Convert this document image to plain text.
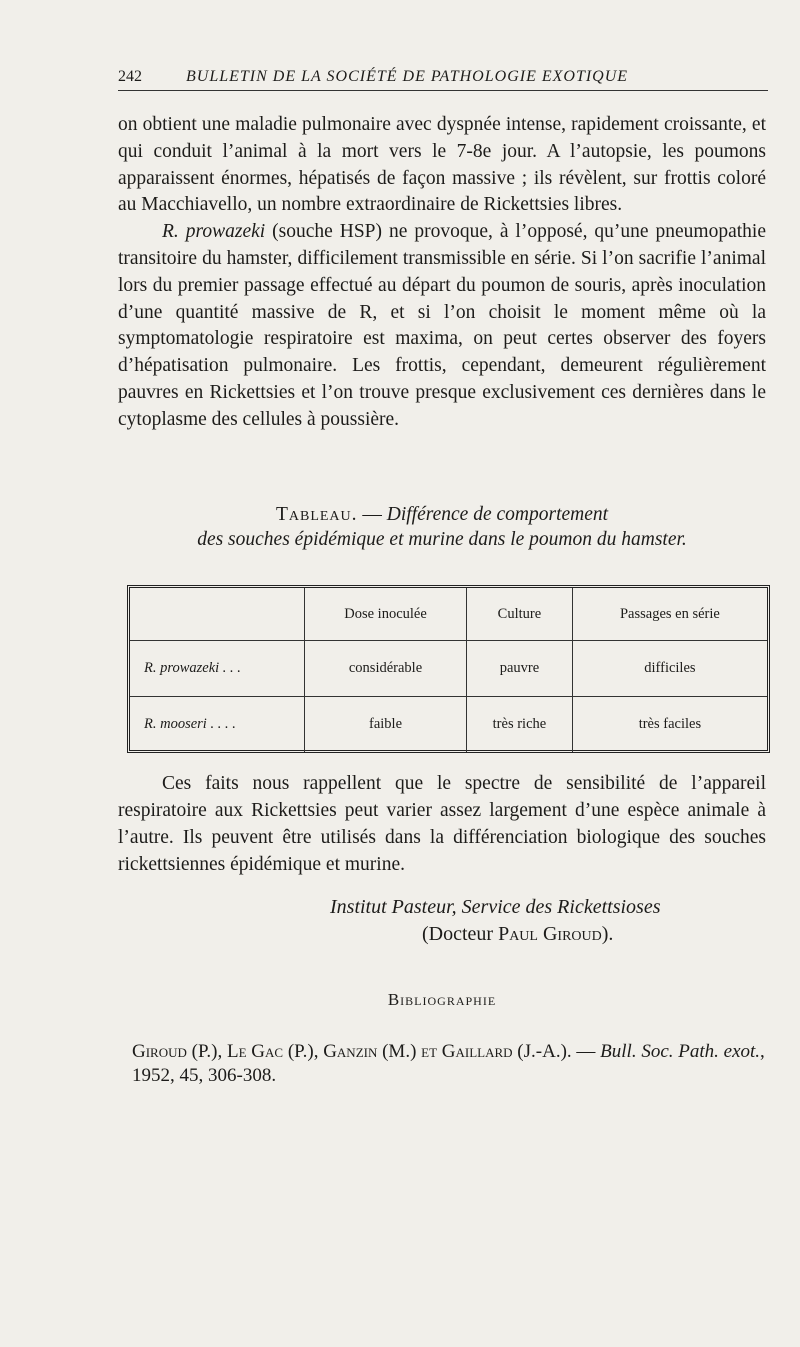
242	BULLETIN DE LA SOCIÉTÉ DE PATHOLOGIE EXOTIQUE

on obtient une maladie pulmonaire avec dyspnée intense, rapidement croissante, et qui conduit l’animal à la mort vers le 7-8e jour. A l’autopsie, les poumons apparaissent énormes, hépatisés de façon massive ; ils révèlent, sur frottis coloré au Macchiavello, un nombre extraordinaire de Rickettsies libres.

R. prowazeki (souche HSP) ne provoque, à l’opposé, qu’une pneumopathie transitoire du hamster, difficilement transmissible en série. Si l’on sacrifie l’animal lors du premier passage effectué au départ du poumon de souris, après inoculation d’une quantité massive de R, et si l’on choisit le moment même où la symptomatologie respiratoire est maxima, on peut certes observer des foyers d’hépatisation pulmonaire. Les frottis, cependant, demeurent régulièrement pauvres en Rickettsies et l’on trouve presque exclusivement ces dernières dans le cytoplasme des cellules à poussière.

Tableau. — Différence de comportement
des souches épidémique et murine dans le poumon du hamster.
	Dose inoculée	Culture	Passages en série
R. prowazeki . . .	considérable	pauvre	difficiles
R. mooseri . . . .	faible	très riche	très faciles

Ces faits nous rappellent que le spectre de sensibilité de l’appareil respiratoire aux Rickettsies peut varier assez largement d’une espèce animale à l’autre. Ils peuvent être utilisés dans la différenciation biologique des souches rickettsiennes épidémique et murine.

Institut Pasteur, Service des Rickettsioses
(Docteur Paul Giroud).
Bibliographie
Giroud (P.), Le Gac (P.), Ganzin (M.) et Gaillard (J.-A.). — Bull. Soc. Path. exot., 1952, 45, 306-308.
